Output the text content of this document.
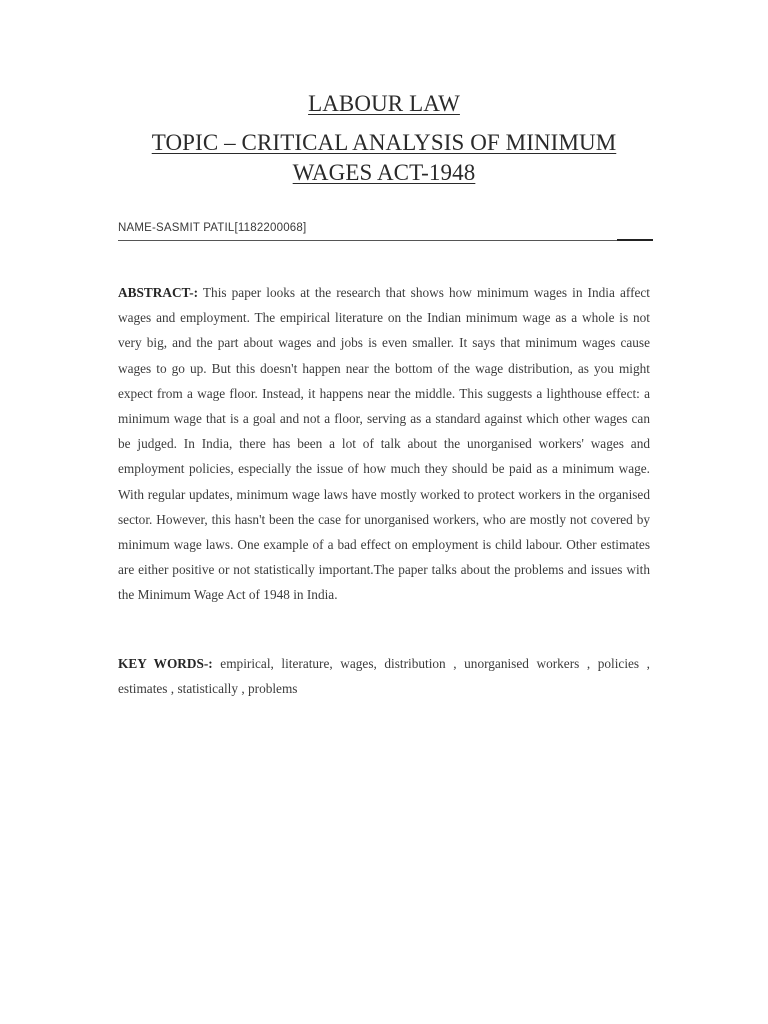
LABOUR LAW
TOPIC – CRITICAL ANALYSIS OF MINIMUM
WAGES ACT-1948
NAME-SASMIT PATIL[1182200068]

ABSTRACT-: This paper looks at the research that shows how minimum wages in India affect wages and employment. The empirical literature on the Indian minimum wage as a whole is not very big, and the part about wages and jobs is even smaller. It says that minimum wages cause wages to go up. But this doesn't happen near the bottom of the wage distribution, as you might expect from a wage floor. Instead, it happens near the middle. This suggests a lighthouse effect: a minimum wage that is a goal and not a floor, serving as a standard against which other wages can be judged. In India, there has been a lot of talk about the unorganised workers' wages and employment policies, especially the issue of how much they should be paid as a minimum wage. With regular updates, minimum wage laws have mostly worked to protect workers in the organised sector. However, this hasn't been the case for unorganised workers, who are mostly not covered by minimum wage laws. One example of a bad effect on employment is child labour. Other estimates are either positive or not statistically important.The paper talks about the problems and issues with the Minimum Wage Act of 1948 in India.

KEY WORDS-: empirical, literature, wages, distribution , unorganised workers , policies , estimates , statistically , problems
